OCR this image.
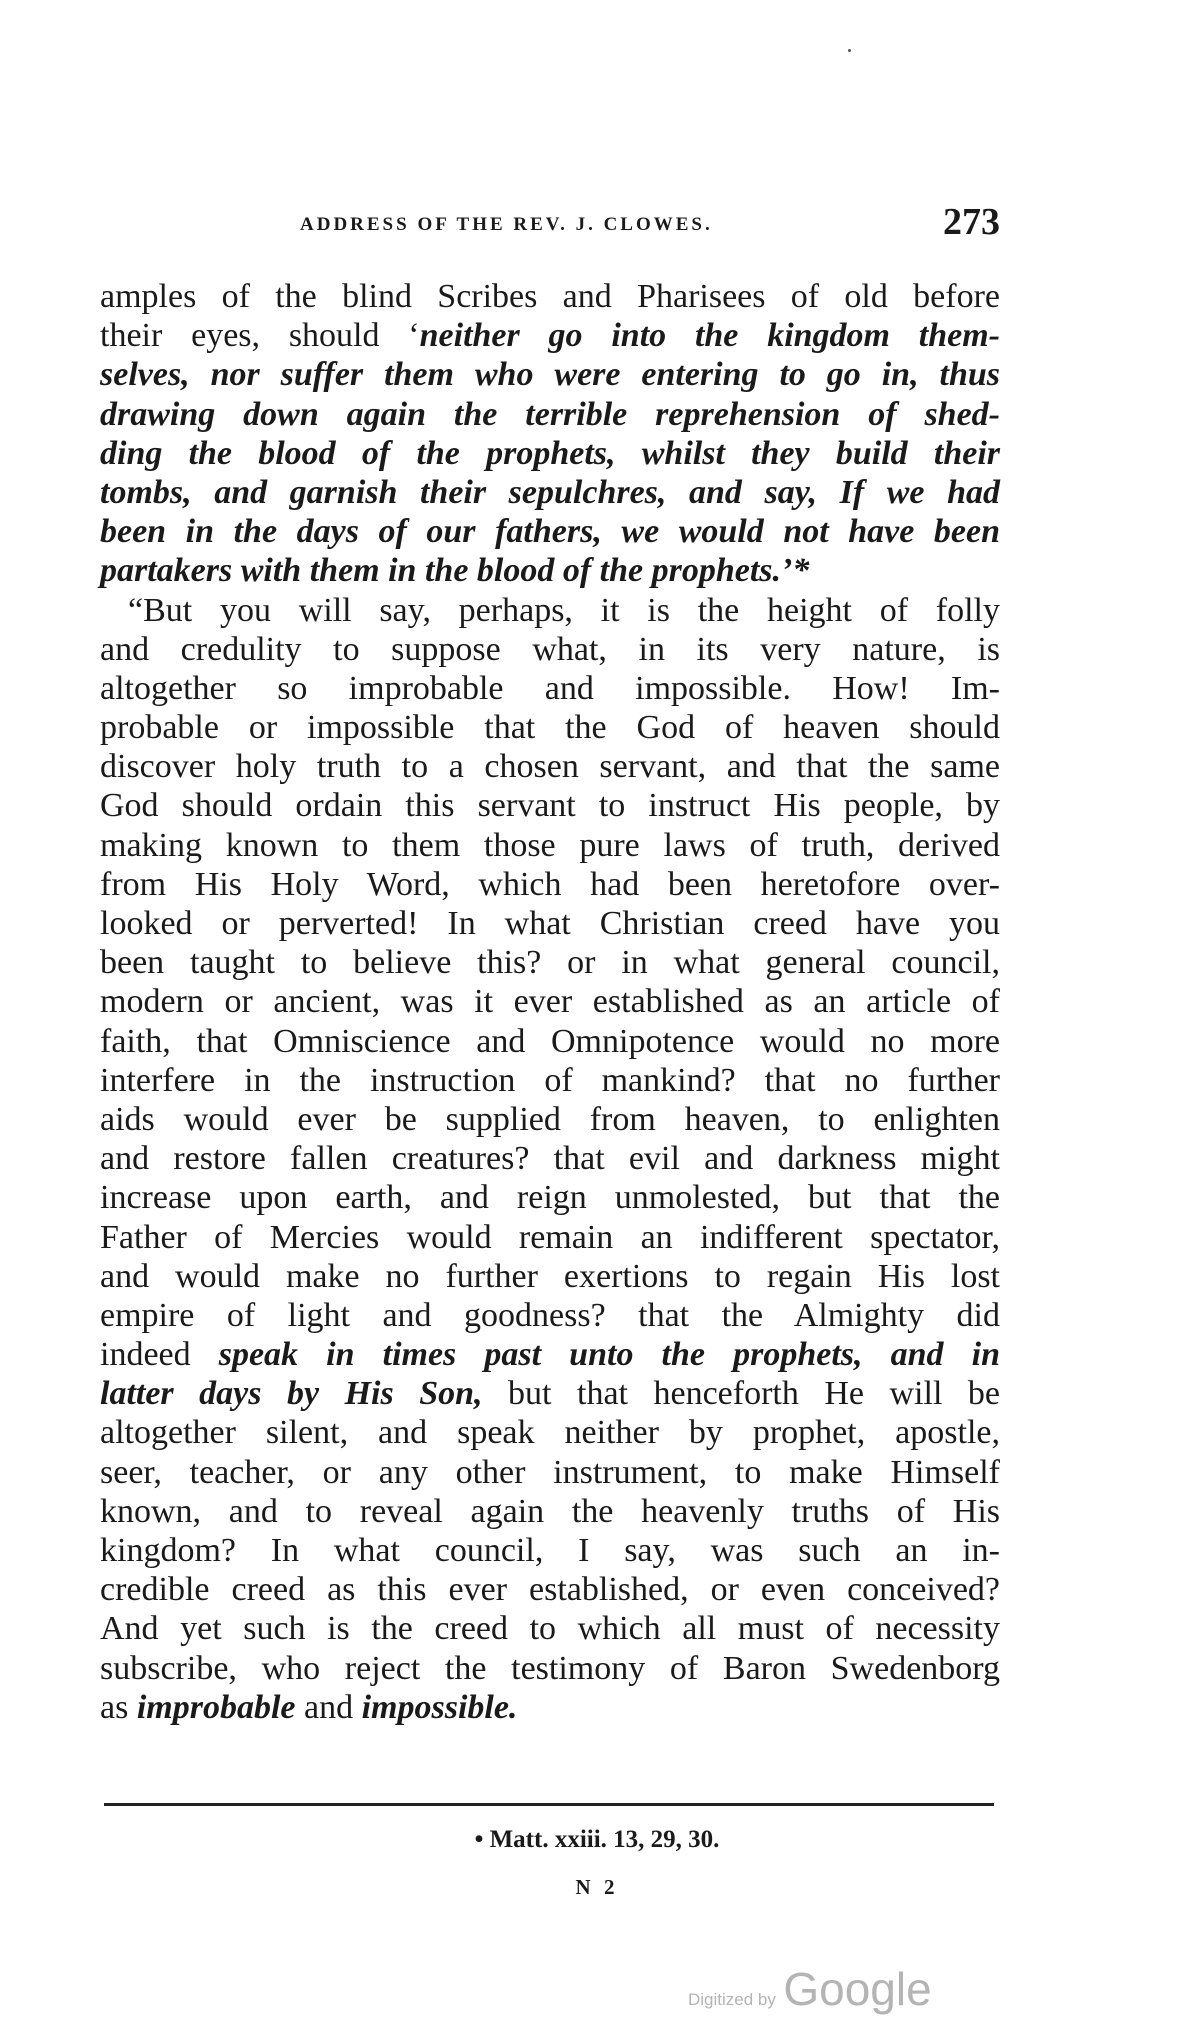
ADDRESS OF THE REV. J. CLOWES.	273
amples of the blind Scribes and Pharisees of old before
their eyes, should ‘neither go into the kingdom them-
selves, nor suffer them who were entering to go in, thus
drawing down again the terrible reprehension of shed-
ding the blood of the prophets, whilst they build their
tombs, and garnish their sepulchres, and say, If we had
been in the days of our fathers, we would not have been
partakers with them in the blood of the prophets.’*
“But you will say, perhaps, it is the height of folly
and credulity to suppose what, in its very nature, is
altogether so improbable and impossible. How! Im-
probable or impossible that the God of heaven should
discover holy truth to a chosen servant, and that the same
God should ordain this servant to instruct His people, by
making known to them those pure laws of truth, derived
from His Holy Word, which had been heretofore over-
looked or perverted! In what Christian creed have you
been taught to believe this? or in what general council,
modern or ancient, was it ever established as an article of
faith, that Omniscience and Omnipotence would no more
interfere in the instruction of mankind? that no further
aids would ever be supplied from heaven, to enlighten
and restore fallen creatures? that evil and darkness might
increase upon earth, and reign unmolested, but that the
Father of Mercies would remain an indifferent spectator,
and would make no further exertions to regain His lost
empire of light and goodness? that the Almighty did
indeed speak in times past unto the prophets, and in
latter days by His Son, but that henceforth He will be
altogether silent, and speak neither by prophet, apostle,
seer, teacher, or any other instrument, to make Himself
known, and to reveal again the heavenly truths of His
kingdom? In what council, I say, was such an in-
credible creed as this ever established, or even conceived?
And yet such is the creed to which all must of necessity
subscribe, who reject the testimony of Baron Swedenborg
as improbable and impossible.
• Matt. xxiii. 13, 29, 30.
N 2
Digitized by Google
